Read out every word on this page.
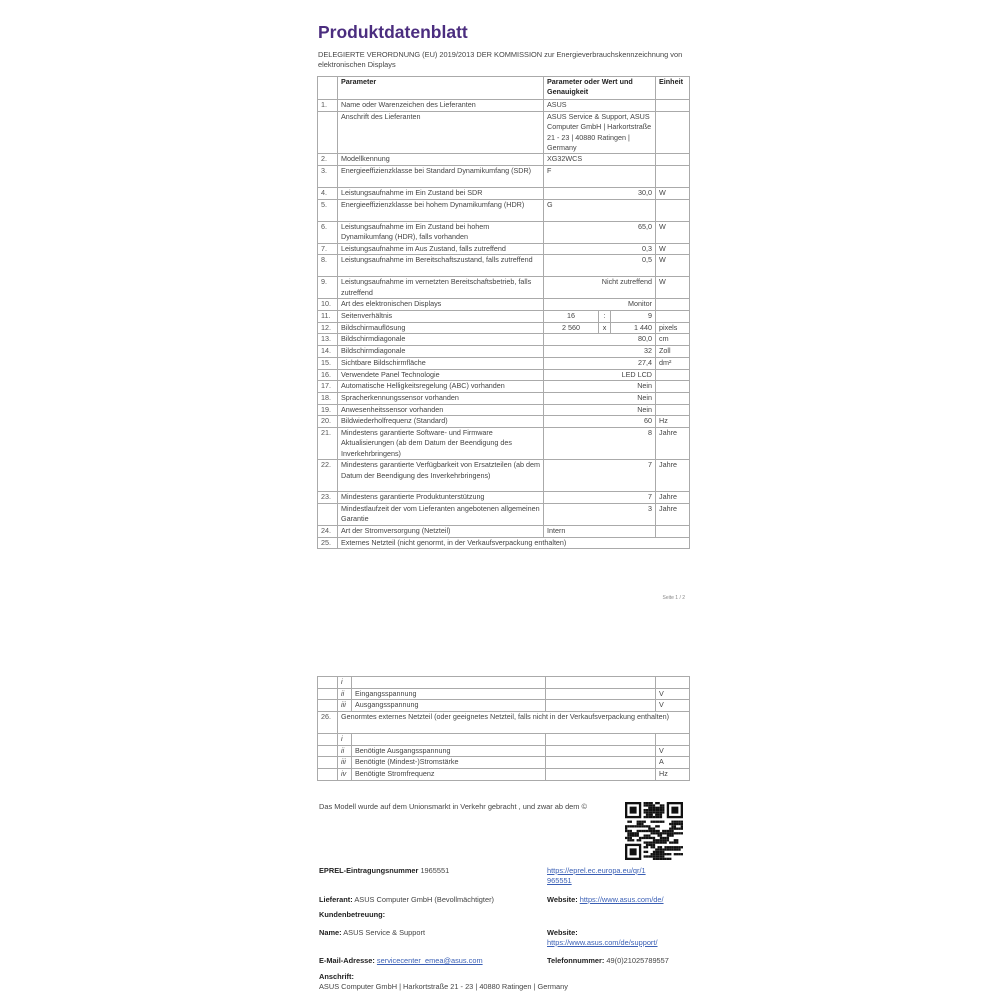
Produktdatenblatt
DELEGIERTE VERORDNUNG (EU) 2019/2013 DER KOMMISSION zur Energieverbrauchskennzeichnung von elektronischen Displays
	Parameter	Parameter oder Wert und Genauigkeit			Einheit
1.	Name oder Warenzeichen des Lieferanten	ASUS			
	Anschrift des Lieferanten	ASUS Service & Support, ASUS Computer GmbH | Harkortstraße 21 - 23 | 40880 Ratingen | Germany			
2.	Modellkennung	XG32WCS			
3.	Energieeffizienzklasse bei Standard Dynamikumfang (SDR)	F			
4.	Leistungsaufnahme im Ein Zustand bei SDR	30,0			W
5.	Energieeffizienzklasse bei hohem Dynamikumfang (HDR)	G			
6.	Leistungsaufnahme im Ein Zustand bei hohem Dynamikumfang (HDR), falls vorhanden	65,0			W
7.	Leistungsaufnahme im Aus Zustand, falls zutreffend	0,3			W
8.	Leistungsaufnahme im Bereitschaftszustand, falls zutreffend	0,5			W
9.	Leistungsaufnahme im vernetzten Bereitschaftsbetrieb, falls zutreffend	Nicht zutreffend			W
10.	Art des elektronischen Displays	Monitor			
11.	Seitenverhältnis	16	:	9	
12.	Bildschirmauflösung	2 560	x	1 440	pixels
13.	Bildschirmdiagonale	80,0			cm
14.	Bildschirmdiagonale	32			Zoll
15.	Sichtbare Bildschirmfläche	27,4			dm²
16.	Verwendete Panel Technologie	LED LCD			
17.	Automatische Helligkeitsregelung (ABC) vorhanden	Nein			
18.	Spracherkennungssensor vorhanden	Nein			
19.	Anwesenheitssensor vorhanden	Nein			
20.	Bildwiederholfrequenz (Standard)	60			Hz
21.	Mindestens garantierte Software- und Firmware Aktualisierungen (ab dem Datum der Beendigung des Inverkehrbringens)	8			Jahre
22.	Mindestens garantierte Verfügbarkeit von Ersatzteilen (ab dem Datum der Beendigung des Inverkehrbringens)	7			Jahre
23.	Mindestens garantierte Produktunterstützung	7			Jahre
	Mindestlaufzeit der vom Lieferanten angebotenen allgemeinen Garantie	3			Jahre
24.	Art der Stromversorgung (Netzteil)	Intern			
25.	Externes Netzteil (nicht genormt, in der Verkaufsverpackung enthalten)				
Seite 1 / 2
	i			
	ii	Eingangsspannung		V
	iii	Ausgangsspannung		V
26.	Genormtes externes Netzteil (oder geeignetes Netzteil, falls nicht in der Verkaufsverpackung enthalten)			
	i			
	ii	Benötigte Ausgangsspannung		V
	iii	Benötigte (Mindest-)Stromstärke		A
	iv	Benötigte Stromfrequenz		Hz
Das Modell wurde auf dem Unionsmarkt in Verkehr gebracht , und zwar ab dem ©
EPREL-Eintragungsnummer 1965551	https://eprel.ec.europa.eu/qr/1965551
Lieferant: ASUS Computer GmbH (Bevollmächtigter)	Website: https://www.asus.com/de/
Kundenbetreuung:
Name: ASUS Service & Support	Website: https://www.asus.com/de/support/
E-Mail-Adresse: servicecenter_emea@asus.com	Telefonnummer: 49(0)21025789557
Anschrift:
ASUS Computer GmbH | Harkortstraße 21 - 23 | 40880 Ratingen | Germany
